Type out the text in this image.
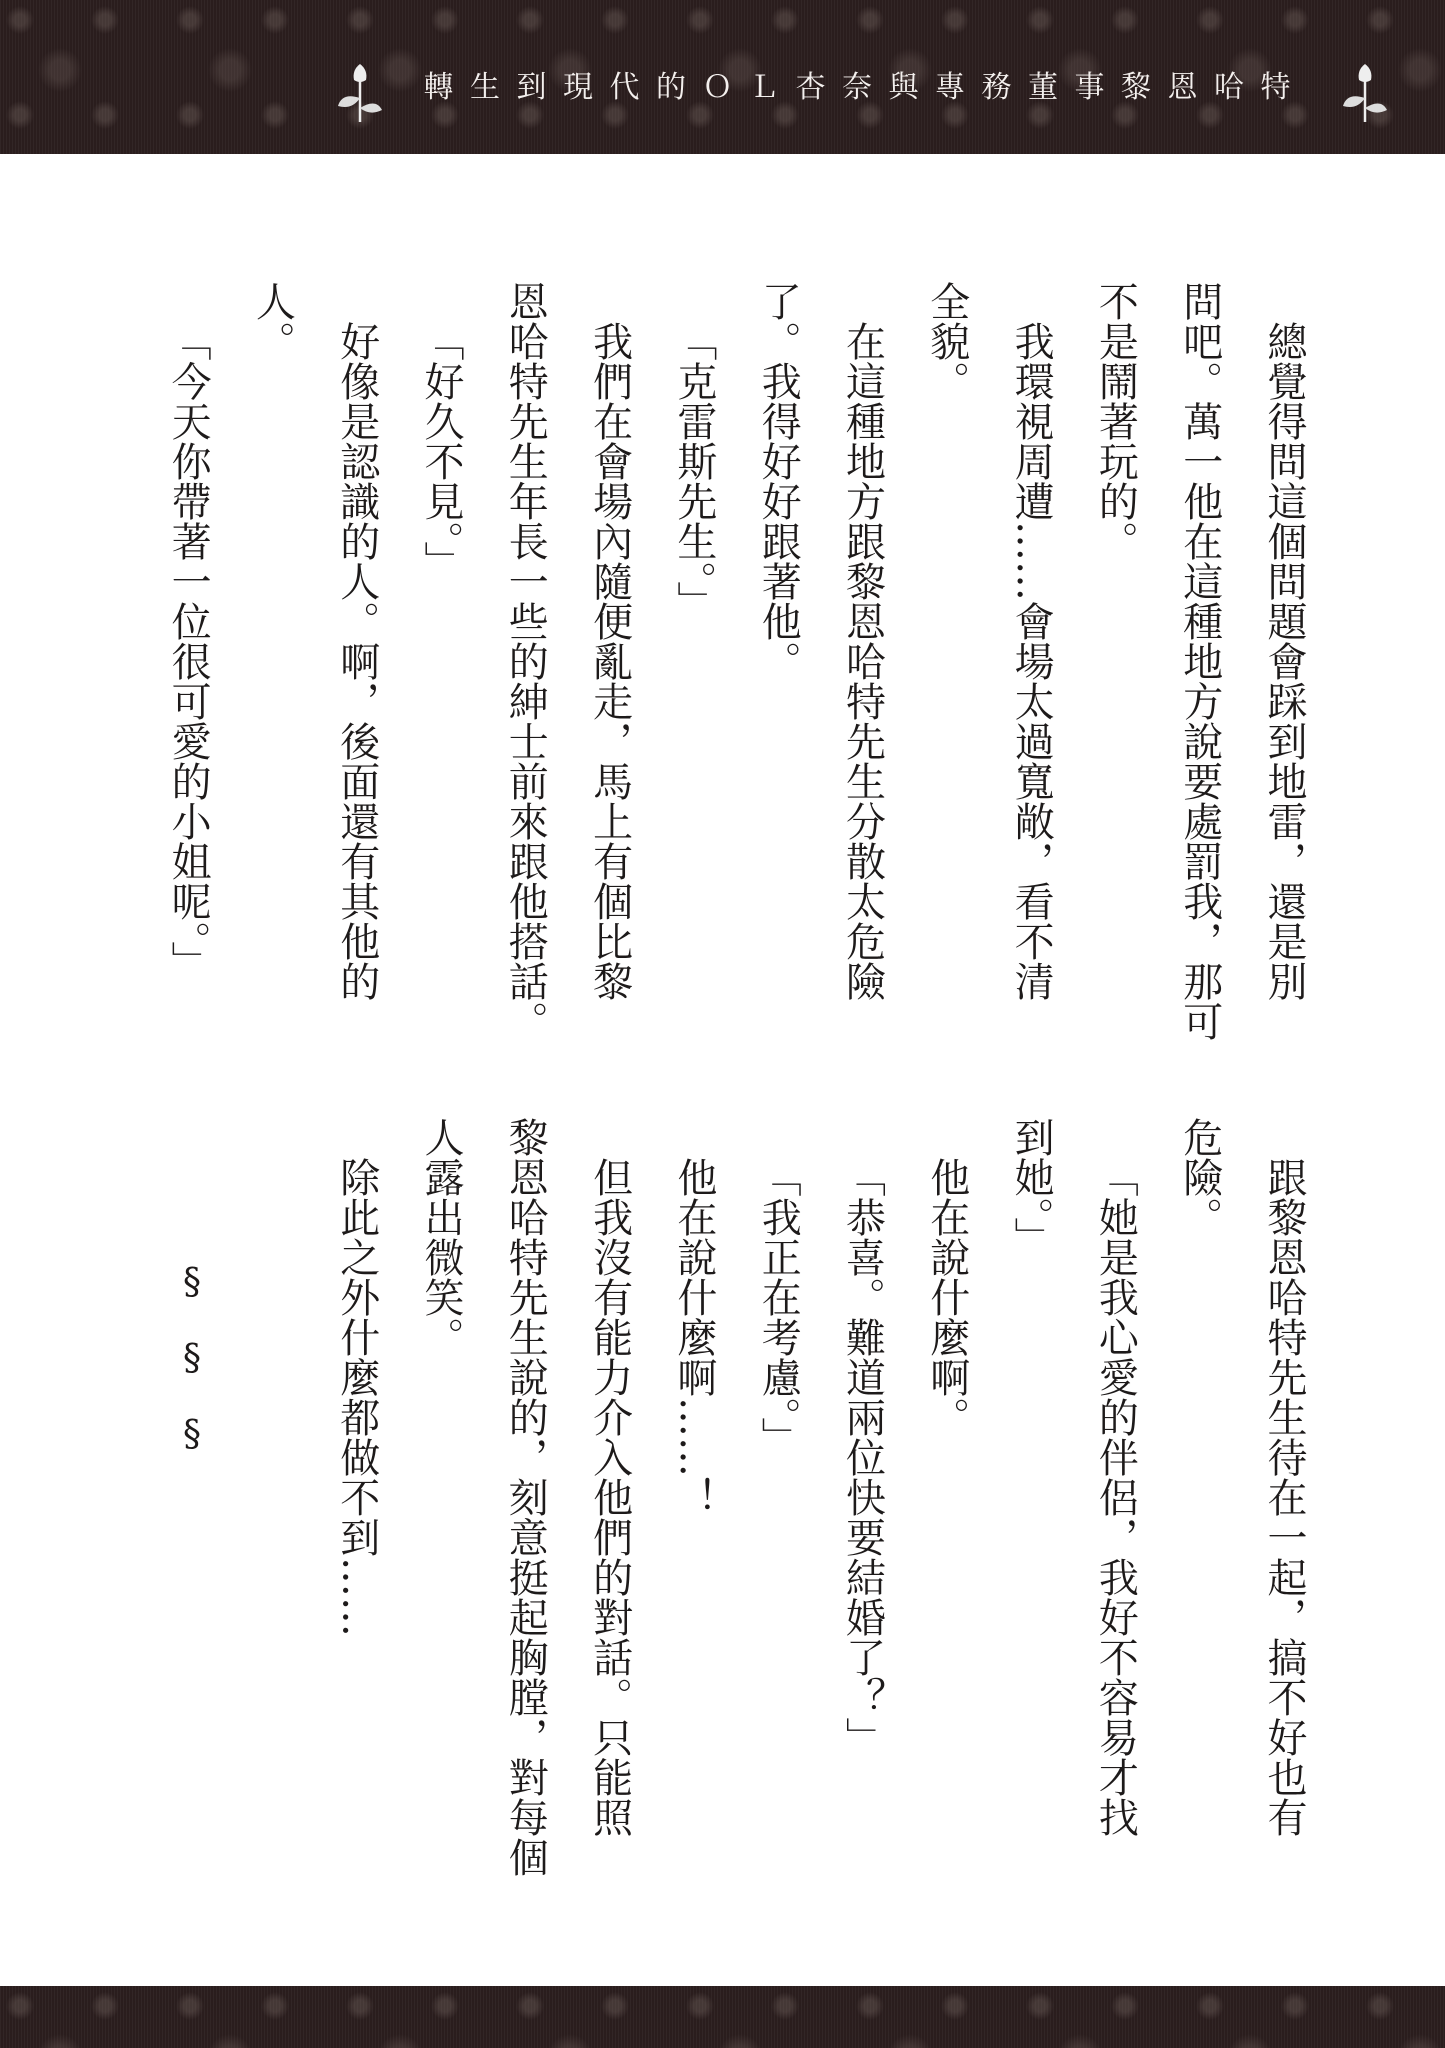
轉生到現代的ＯＬ杏奈與專務董事黎恩哈特
總覺得問這個問題會踩到地雷，還是別
問吧。萬一他在這種地方說要處罰我，那可
不是鬧著玩的。
我環視周遭……會場太過寬敞，看不清
全貌。
在這種地方跟黎恩哈特先生分散太危險
了。我得好好跟著他。
「克雷斯先生。」
我們在會場內隨便亂走，馬上有個比黎
恩哈特先生年長一些的紳士前來跟他搭話。
「好久不見。」
好像是認識的人。啊，後面還有其他的
人。
「今天你帶著一位很可愛的小姐呢。」
跟黎恩哈特先生待在一起，搞不好也有
危險。
「她是我心愛的伴侶，我好不容易才找
到她。」
他在說什麼啊。
「恭喜。難道兩位快要結婚了？」
「我正在考慮。」
他在說什麼啊……！
但我沒有能力介入他們的對話。只能照
黎恩哈特先生說的，刻意挺起胸膛，對每個
人露出微笑。
除此之外什麼都做不到……
§
§
§
